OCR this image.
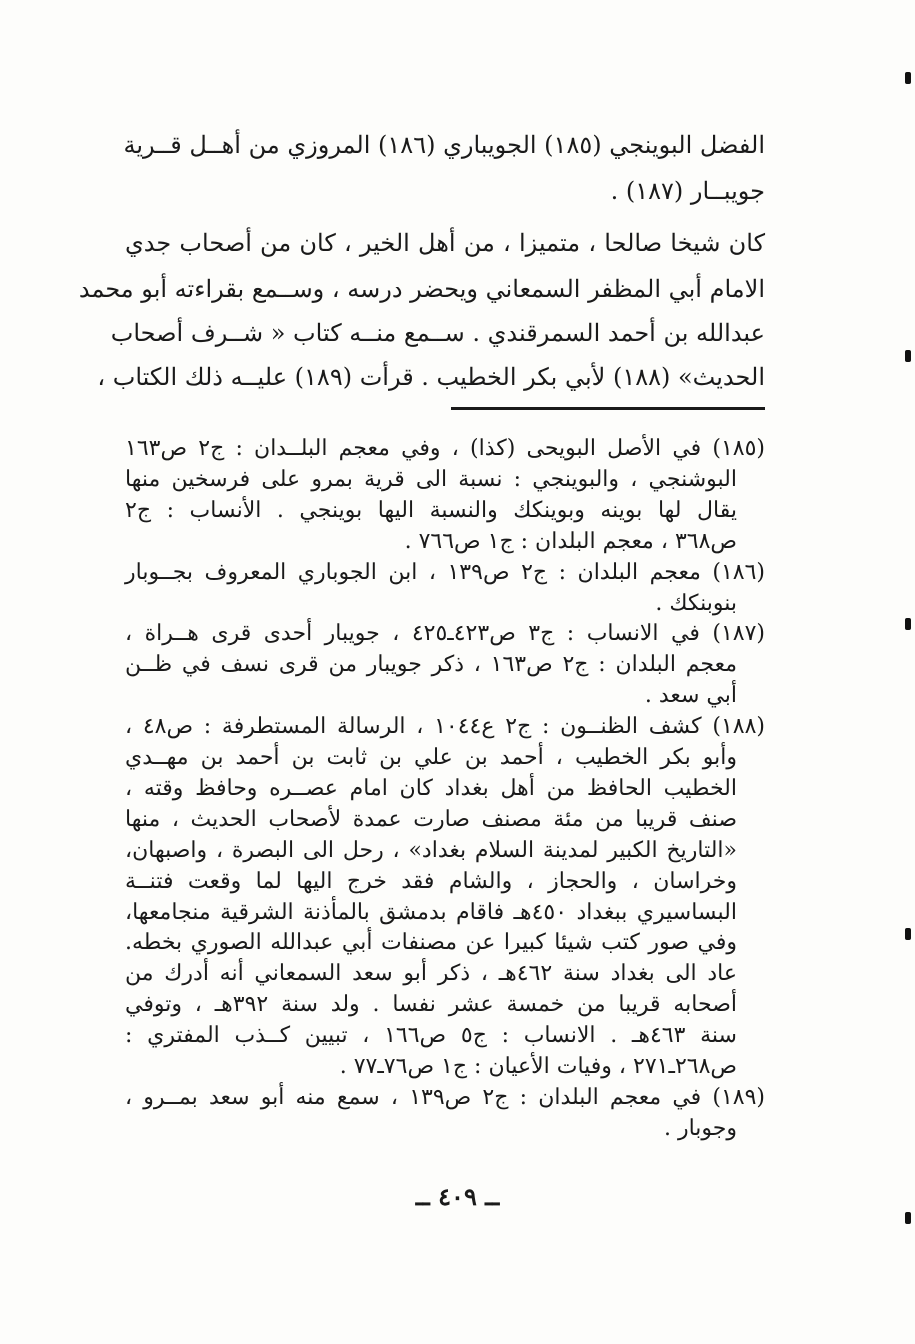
الفضل البوينجي (١٨٥) الجويباري (١٨٦) المروزي من أهــل قــرية
جويبــار (١٨٧) .
كان شيخا صالحا ، متميزا ، من أهل الخير ، كان من أصحاب جدي
الامام أبي المظفر السمعاني ويحضر درسه ، وســمع بقراءته أبو محمد
عبدالله بن أحمد السمرقندي . ســمع منــه كتاب « شــرف أصحاب
الحديث» (١٨٨) لأبي بكر الخطيب . قرأت (١٨٩) عليــه ذلك الكتاب ،
(١٨٥) في الأصل البويحى (كذا) ، وفي معجم البلــدان : ج٢ ص١٦٣
البوشنجي ، والبوينجي : نسبة الى قرية بمرو على فرسخين منها
يقال لها بوينه وبوينكك والنسبة اليها بوينجي . الأنساب : ج٢
ص٣٦٨ ، معجم البلدان : ج١ ص٧٦٦ .
(١٨٦) معجم البلدان : ج٢ ص١٣٩ ، ابن الجوباري المعروف بجــوبار
بنوبنكك .
(١٨٧) في الانساب : ج٣ ص٤٢٣ـ٤٢٥ ، جويبار أحدى قرى هــراة ،
معجم البلدان : ج٢ ص١٦٣ ، ذكر جويبار من قرى نسف في ظــن
أبي سعد .
(١٨٨) كشف الظنــون : ج٢ ع١٠٤٤ ، الرسالة المستطرفة : ص٤٨ ،
وأبو بكر الخطيب ، أحمد بن علي بن ثابت بن أحمد بن مهــدي
الخطيب الحافظ من أهل بغداد كان امام عصــره وحافظ وقته ،
صنف قريبا من مئة مصنف صارت عمدة لأصحاب الحديث ، منها
«التاريخ الكبير لمدينة السلام بغداد» ، رحل الى البصرة ، واصبهان،
وخراسان ، والحجاز ، والشام فقد خرج اليها لما وقعت فتنــة
البساسيري ببغداد ٤٥٠هـ فاقام بدمشق بالمأذنة الشرقية منجامعها،
وفي صور كتب شيئا كبيرا عن مصنفات أبي عبدالله الصوري بخطه.
عاد الى بغداد سنة ٤٦٢هـ ، ذكر أبو سعد السمعاني أنه أدرك من
أصحابه قريبا من خمسة عشر نفسا . ولد سنة ٣٩٢هـ ، وتوفي
سنة ٤٦٣هـ . الانساب : ج٥ ص١٦٦ ، تبيين كــذب المفتري :
ص٢٦٨ـ٢٧١ ، وفيات الأعيان : ج١ ص٧٦ـ٧٧ .
(١٨٩) في معجم البلدان : ج٢ ص١٣٩ ، سمع منه أبو سعد بمــرو ،
وجوبار .
ــ ٤٠٩ ــ
